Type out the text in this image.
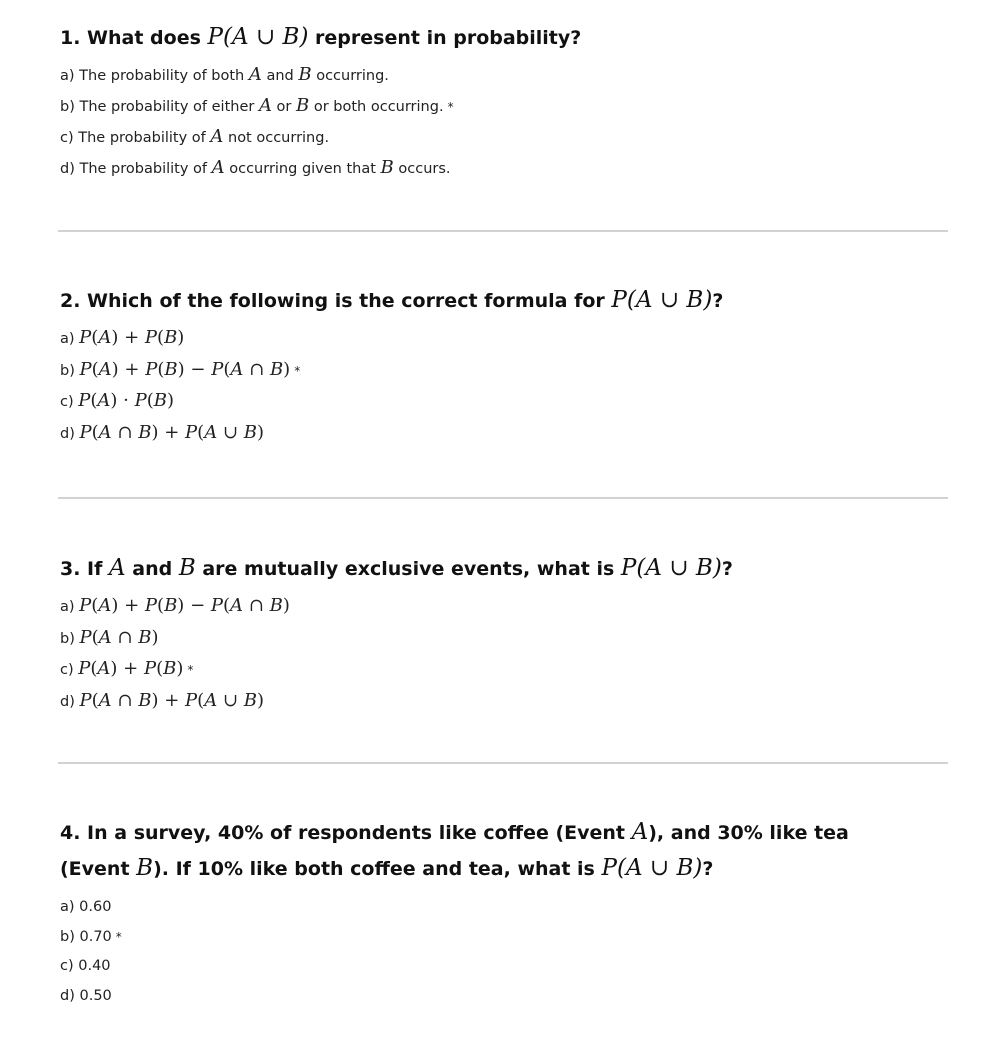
1. What does P(A ∪ B) represent in probability?

a) The probability of both A and B occurring.
b) The probability of either A or B or both occurring. *
c) The probability of A not occurring.
d) The probability of A occurring given that B occurs.

2. Which of the following is the correct formula for P(A ∪ B)?

a) P(A) + P(B)
b) P(A) + P(B) − P(A ∩ B) *
c) P(A) · P(B)
d) P(A ∩ B) + P(A ∪ B)

3. If A and B are mutually exclusive events, what is P(A ∪ B)?

a) P(A) + P(B) − P(A ∩ B)
b) P(A ∩ B)
c) P(A) + P(B) *
d) P(A ∩ B) + P(A ∪ B)

4. In a survey, 40% of respondents like coffee (Event A), and 30% like tea
(Event B). If 10% like both coffee and tea, what is P(A ∪ B)?

a) 0.60
b) 0.70 *
c) 0.40
d) 0.50
